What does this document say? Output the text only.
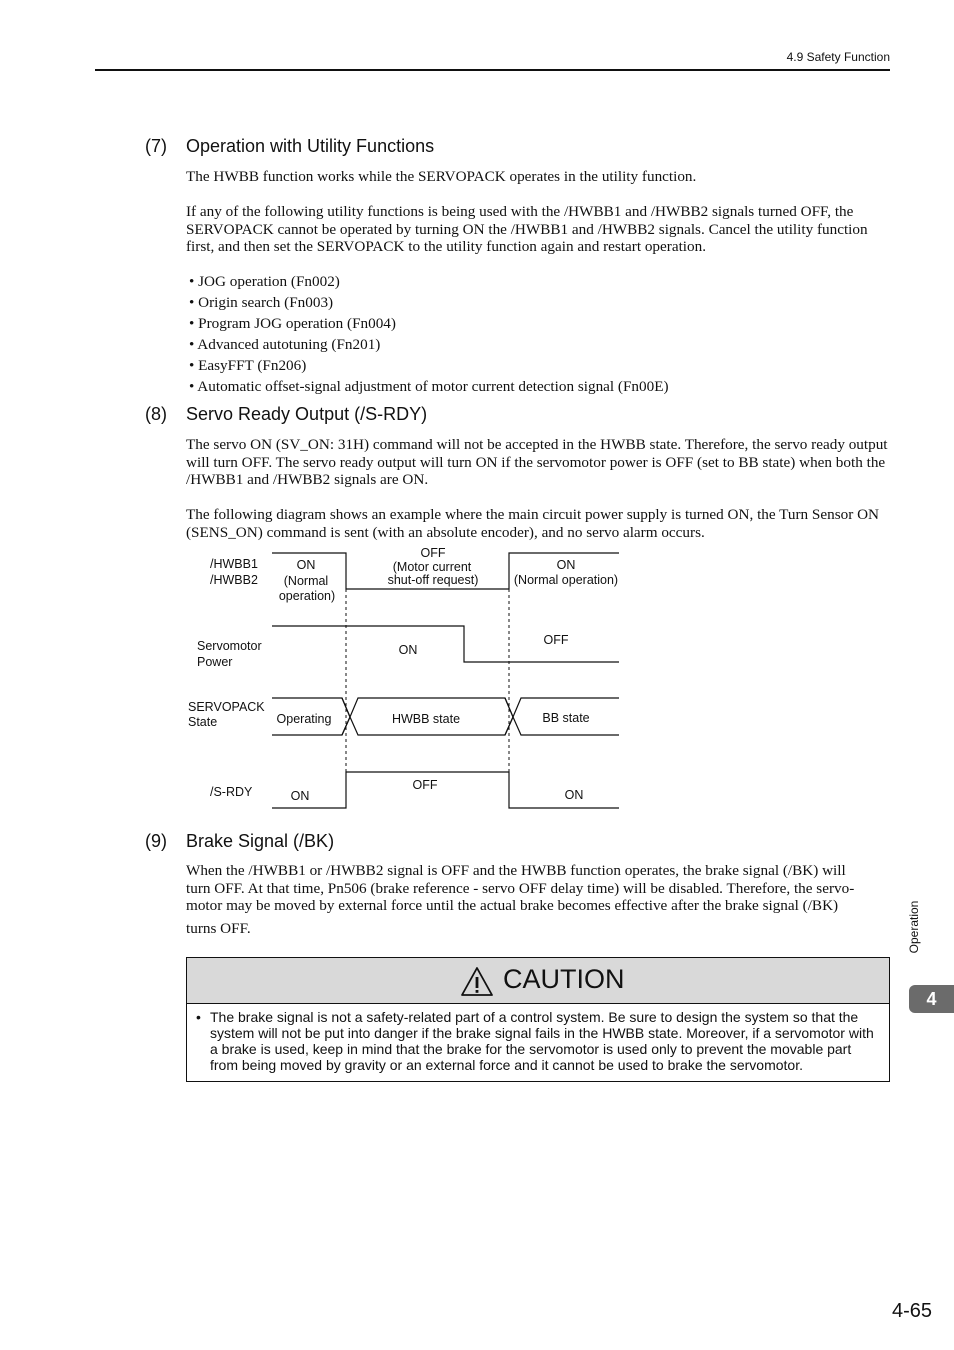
4.9 Safety Function
(7) Operation with Utility Functions
The HWBB function works while the SERVOPACK operates in the utility function.
If any of the following utility functions is being used with the /HWBB1 and /HWBB2 signals turned OFF, the SERVOPACK cannot be operated by turning ON the /HWBB1 and /HWBB2 signals. Cancel the utility function first, and then set the SERVOPACK to the utility function again and restart operation.
• JOG operation (Fn002)
• Origin search (Fn003)
• Program JOG operation (Fn004)
• Advanced autotuning (Fn201)
• EasyFFT (Fn206)
• Automatic offset-signal adjustment of motor current detection signal (Fn00E)
(8) Servo Ready Output (/S-RDY)
The servo ON (SV_ON: 31H) command will not be accepted in the HWBB state. Therefore, the servo ready output will turn OFF. The servo ready output will turn ON if the servomotor power is OFF (set to BB state) when both the /HWBB1 and /HWBB2 signals are ON.
The following diagram shows an example where the main circuit power supply is turned ON, the Turn Sensor ON (SENS_ON) command is sent (with an absolute encoder), and no servo alarm occurs.
/HWBB1
/HWBB2
ON
(Normal
operation)
OFF
(Motor current
shut-off request)
ON
(Normal operation)
Servomotor
Power
ON
OFF
SERVOPACK
State	Operating	HWBB state	BB state
/S-RDY	ON
OFF
ON
(9) Brake Signal (/BK)
When the /HWBB1 or /HWBB2 signal is OFF and the HWBB function operates, the brake signal (/BK) will
turn OFF. At that time, Pn506 (brake reference - servo OFF delay time) will be disabled. Therefore, the servo-
motor may be moved by external force until the actual brake becomes effective after the brake signal (/BK)
turns OFF.
CAUTION
• The brake signal is not a safety-related part of a control system. Be sure to design the system so that the system will not be put into danger if the brake signal fails in the HWBB state. Moreover, if a servomotor with a brake is used, keep in mind that the brake for the servomotor is used only to prevent the movable part from being moved by gravity or an external force and it cannot be used to brake the servomotor.
Operation
4
4-65
